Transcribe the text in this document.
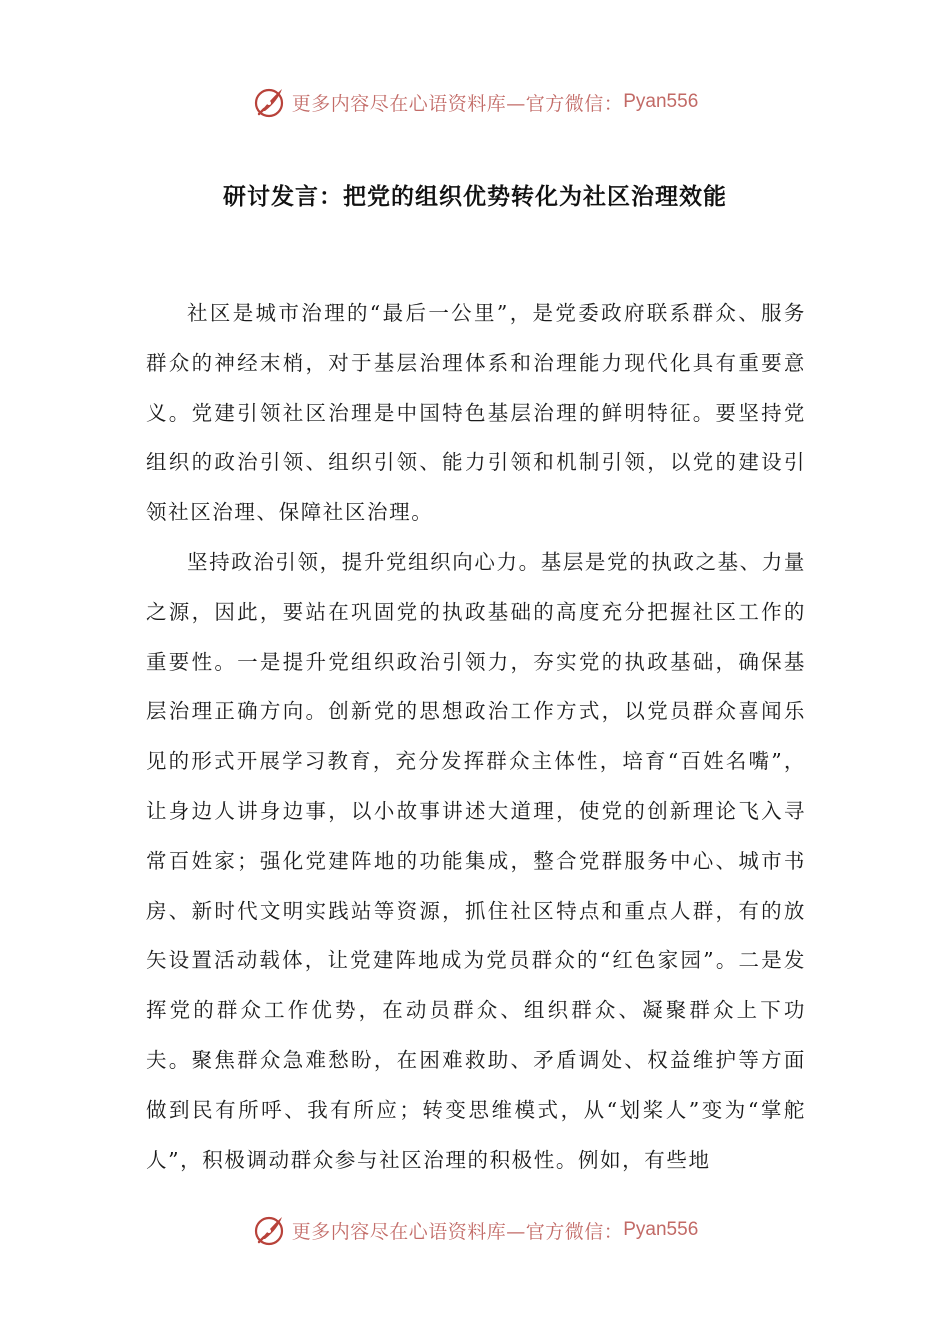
更多内容尽在心语资料库—官方微信： Pyan556
研讨发言：把党的组织优势转化为社区治理效能

社区是城市治理的“最后一公里”，是党委政府联系群众、服务群众的神经末梢，对于基层治理体系和治理能力现代化具有重要意义。党建引领社区治理是中国特色基层治理的鲜明特征。要坚持党组织的政治引领、组织引领、能力引领和机制引领，以党的建设引领社区治理、保障社区治理。

坚持政治引领，提升党组织向心力。基层是党的执政之基、力量之源，因此，要站在巩固党的执政基础的高度充分把握社区工作的重要性。一是提升党组织政治引领力，夯实党的执政基础，确保基层治理正确方向。创新党的思想政治工作方式，以党员群众喜闻乐见的形式开展学习教育，充分发挥群众主体性，培育“百姓名嘴”，让身边人讲身边事，以小故事讲述大道理，使党的创新理论飞入寻常百姓家；强化党建阵地的功能集成，整合党群服务中心、城市书房、新时代文明实践站等资源，抓住社区特点和重点人群，有的放矢设置活动载体，让党建阵地成为党员群众的“红色家园”。二是发挥党的群众工作优势，在动员群众、组织群众、凝聚群众上下功夫。聚焦群众急难愁盼，在困难救助、矛盾调处、权益维护等方面做到民有所呼、我有所应；转变思维模式，从“划桨人”变为“掌舵人”，积极调动群众参与社区治理的积极性。例如，有些地

更多内容尽在心语资料库—官方微信： Pyan556
